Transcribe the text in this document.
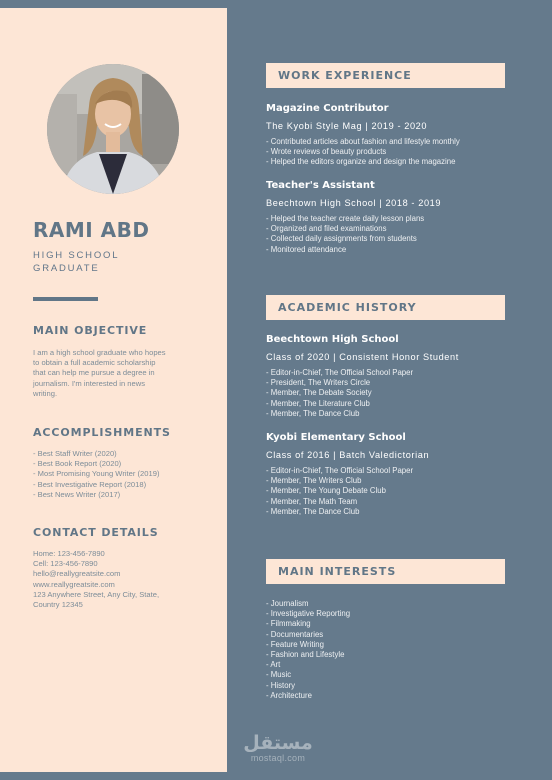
RAMI ABD
HIGH SCHOOL
GRADUATE
MAIN OBJECTIVE
I am a high school graduate who hopes
to obtain a full academic scholarship
that can help me pursue a degree in
journalism. I'm interested in news
writing.
ACCOMPLISHMENTS
- Best Staff Writer (2020)
- Best Book Report (2020)
- Most Promising Young Writer (2019)
- Best Investigative Report (2018)
- Best News Writer (2017)
CONTACT DETAILS
Home: 123-456-7890
Cell: 123-456-7890
hello@reallygreatsite.com
www.reallygreatsite.com
123 Anywhere Street, Any City, State,
Country 12345
WORK EXPERIENCE
Magazine Contributor
The Kyobi Style Mag | 2019 - 2020
- Contributed articles about fashion and lifestyle monthly
- Wrote reviews of beauty products
- Helped the editors organize and design the magazine
Teacher's Assistant
Beechtown High School | 2018 - 2019
- Helped the teacher create daily lesson plans
- Organized and filed examinations
- Collected daily assignments from students
- Monitored attendance
ACADEMIC HISTORY
Beechtown High School
Class of 2020 | Consistent Honor Student
- Editor-in-Chief, The Official School Paper
- President, The Writers Circle
- Member, The Debate Society
- Member, The Literature Club
- Member, The Dance Club
Kyobi Elementary School
Class of 2016 | Batch Valedictorian
- Editor-in-Chief, The Official School Paper
- Member, The Writers Club
- Member, The Young Debate Club
- Member, The Math Team
- Member, The Dance Club
MAIN INTERESTS
- Journalism
- Investigative Reporting
- Filmmaking
- Documentaries
- Feature Writing
- Fashion and Lifestyle
- Art
- Music
- History
- Architecture
مستقل
mostaql.com
